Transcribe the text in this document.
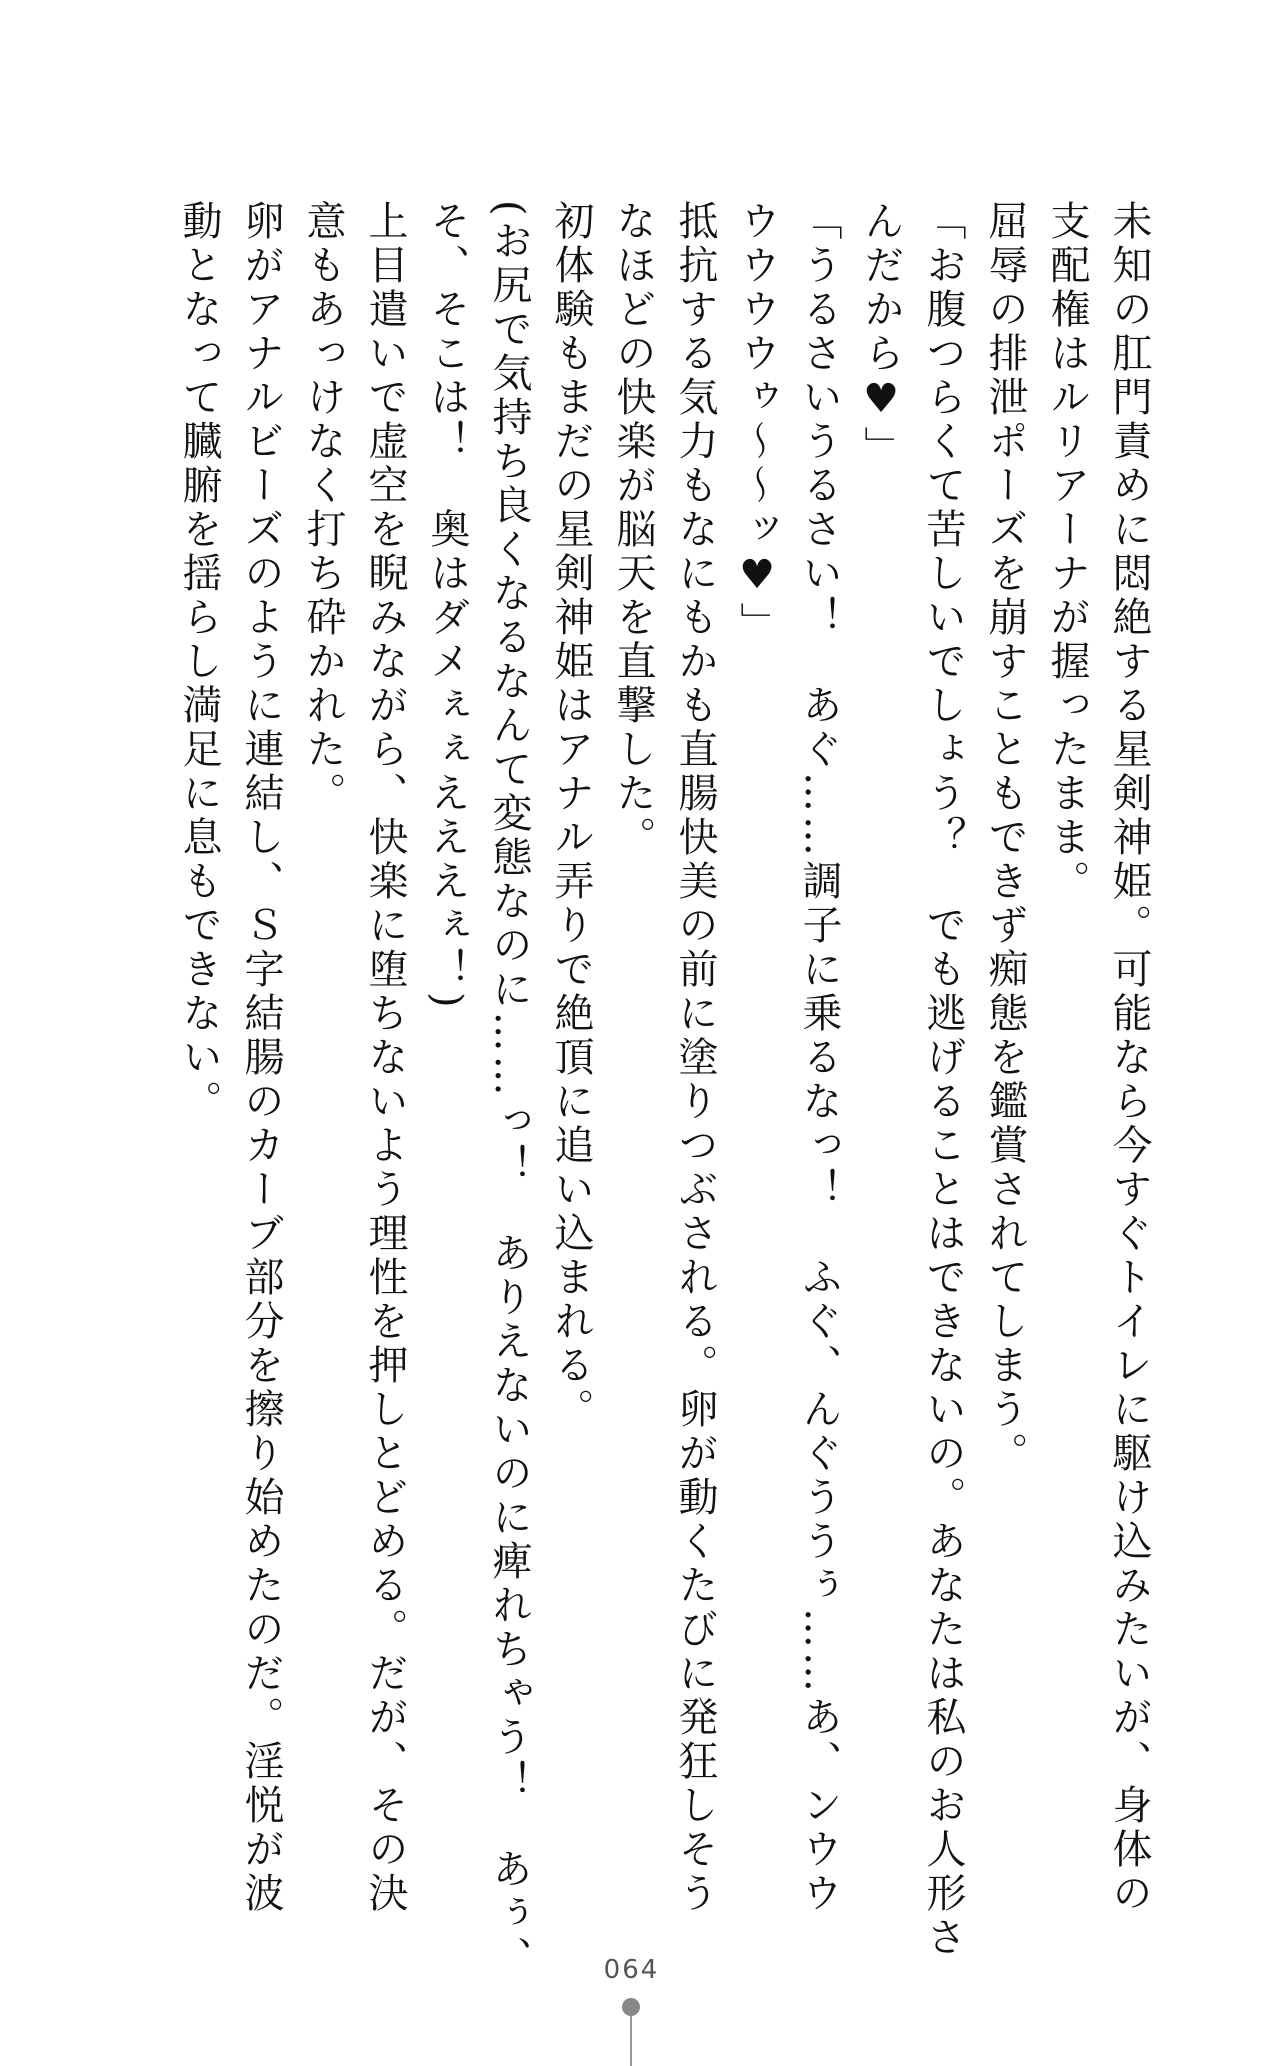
未知の肛門責めに悶絶する星剣神姫。可能なら今すぐトイレに駆け込みたいが、身体の
支配権はルリアーナが握ったまま。
屈辱の排泄ポーズを崩すこともできず痴態を鑑賞されてしまう。
「お腹つらくて苦しいでしょう？　でも逃げることはできないの。あなたは私のお人形さ
んだから♥」
「うるさいうるさい！　あぐ……調子に乗るなっ！　ふぐ、んぐううぅ……あ、ンウウ
ウウウウゥ〜〜ッ♥」
抵抗する気力もなにもかも直腸快美の前に塗りつぶされる。卵が動くたびに発狂しそう
なほどの快楽が脳天を直撃した。
初体験もまだの星剣神姫はアナル弄りで絶頂に追い込まれる。
(お尻で気持ち良くなるなんて変態なのに……っ！　ありえないのに痺れちゃう！　あぅ、
そ、そこは！　奥はダメぇぇえええぇ！)
上目遣いで虚空を睨みながら、快楽に堕ちないよう理性を押しとどめる。だが、その決
意もあっけなく打ち砕かれた。
卵がアナルビーズのように連結し、Ｓ字結腸のカーブ部分を擦り始めたのだ。淫悦が波
動となって臓腑を揺らし満足に息もできない。
064
